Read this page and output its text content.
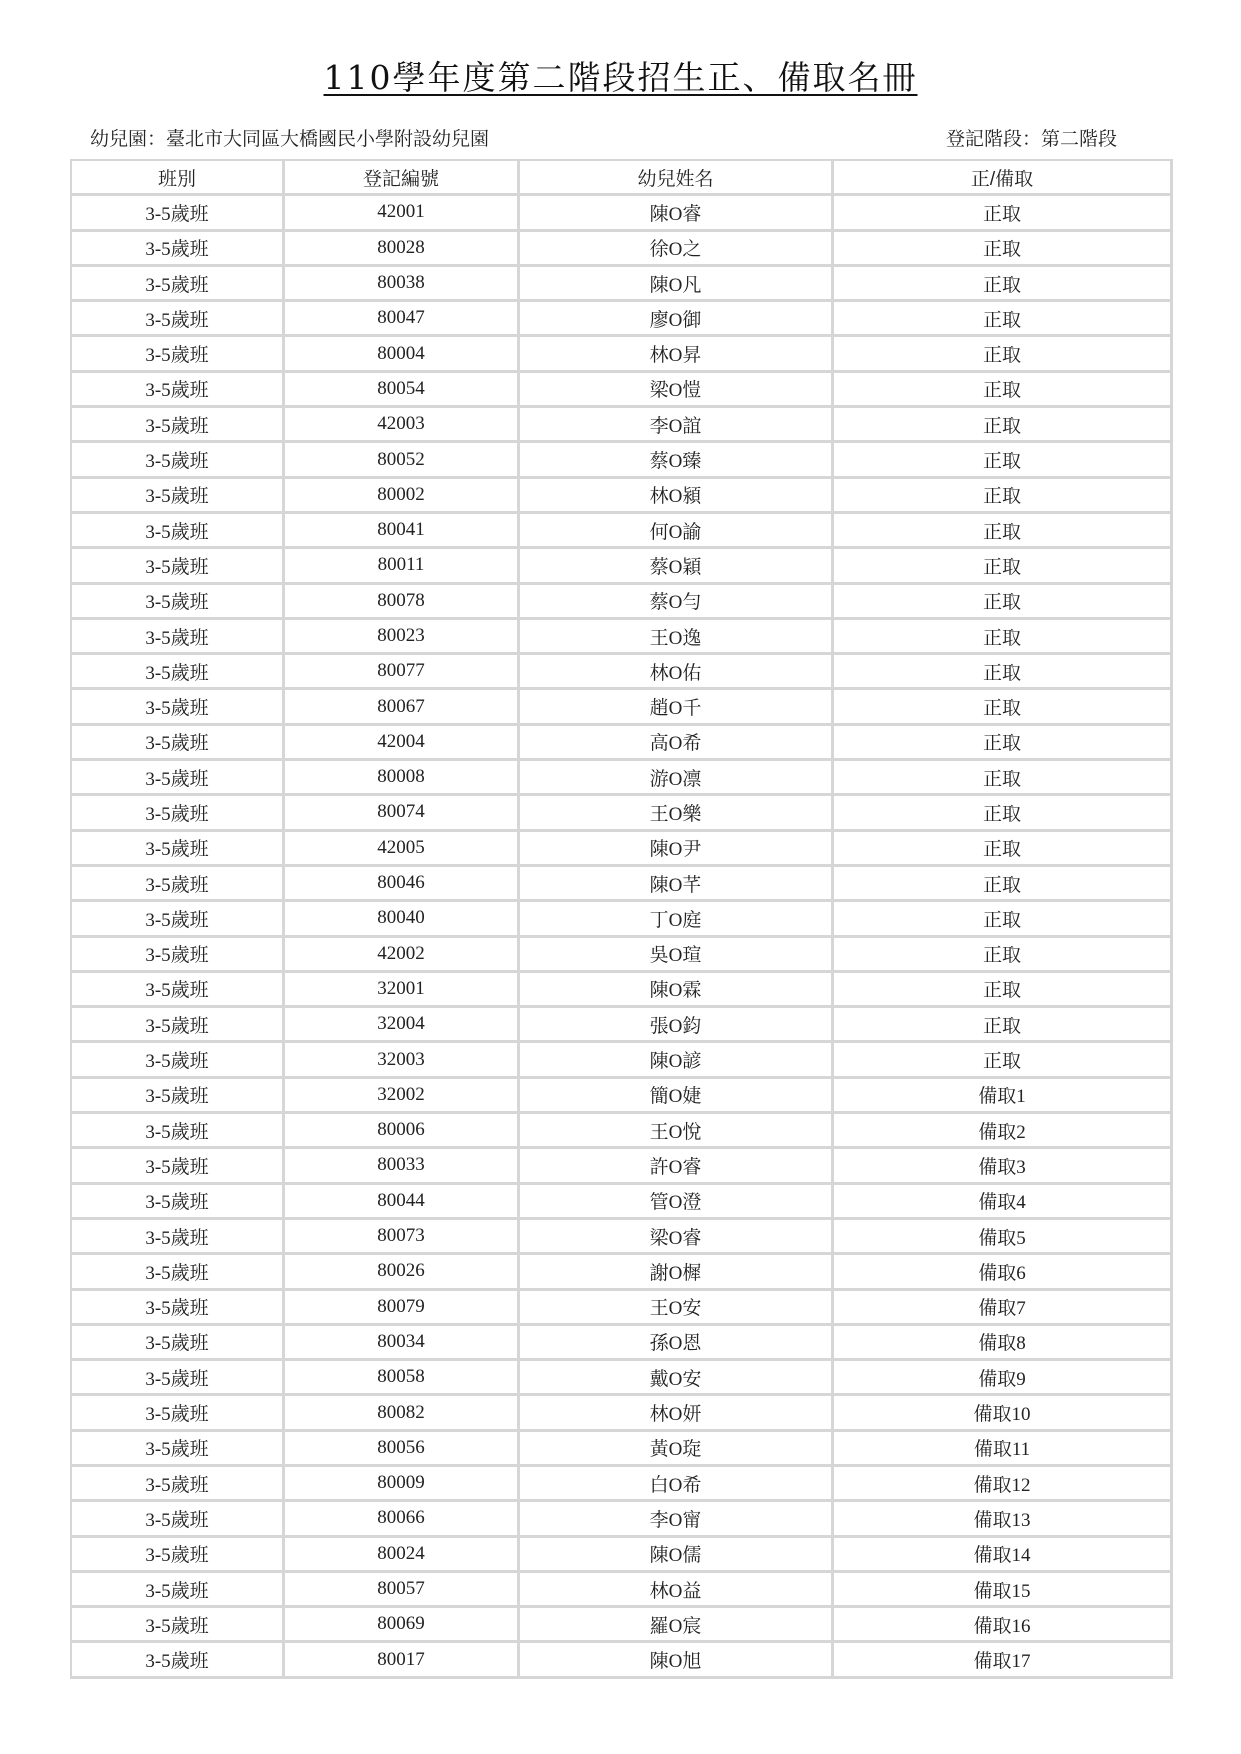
110學年度第二階段招生正、備取名冊
幼兒園：臺北市大同區大橋國民小學附設幼兒園	登記階段：第二階段
班別	登記編號	幼兒姓名	正/備取
3-5歲班	42001	陳O睿	正取
3-5歲班	80028	徐O之	正取
3-5歲班	80038	陳O凡	正取
3-5歲班	80047	廖O御	正取
3-5歲班	80004	林O昇	正取
3-5歲班	80054	梁O愷	正取
3-5歲班	42003	李O誼	正取
3-5歲班	80052	蔡O臻	正取
3-5歲班	80002	林O潁	正取
3-5歲班	80041	何O諭	正取
3-5歲班	80011	蔡O穎	正取
3-5歲班	80078	蔡O勻	正取
3-5歲班	80023	王O逸	正取
3-5歲班	80077	林O佑	正取
3-5歲班	80067	趙O千	正取
3-5歲班	42004	高O希	正取
3-5歲班	80008	游O凛	正取
3-5歲班	80074	王O樂	正取
3-5歲班	42005	陳O尹	正取
3-5歲班	80046	陳O芊	正取
3-5歲班	80040	丁O庭	正取
3-5歲班	42002	吳O瑄	正取
3-5歲班	32001	陳O霖	正取
3-5歲班	32004	張O鈞	正取
3-5歲班	32003	陳O諺	正取
3-5歲班	32002	簡O婕	備取1
3-5歲班	80006	王O悅	備取2
3-5歲班	80033	許O睿	備取3
3-5歲班	80044	管O澄	備取4
3-5歲班	80073	梁O睿	備取5
3-5歲班	80026	謝O樨	備取6
3-5歲班	80079	王O安	備取7
3-5歲班	80034	孫O恩	備取8
3-5歲班	80058	戴O安	備取9
3-5歲班	80082	林O妍	備取10
3-5歲班	80056	黃O琁	備取11
3-5歲班	80009	白O希	備取12
3-5歲班	80066	李O甯	備取13
3-5歲班	80024	陳O儒	備取14
3-5歲班	80057	林O益	備取15
3-5歲班	80069	羅O宸	備取16
3-5歲班	80017	陳O旭	備取17
